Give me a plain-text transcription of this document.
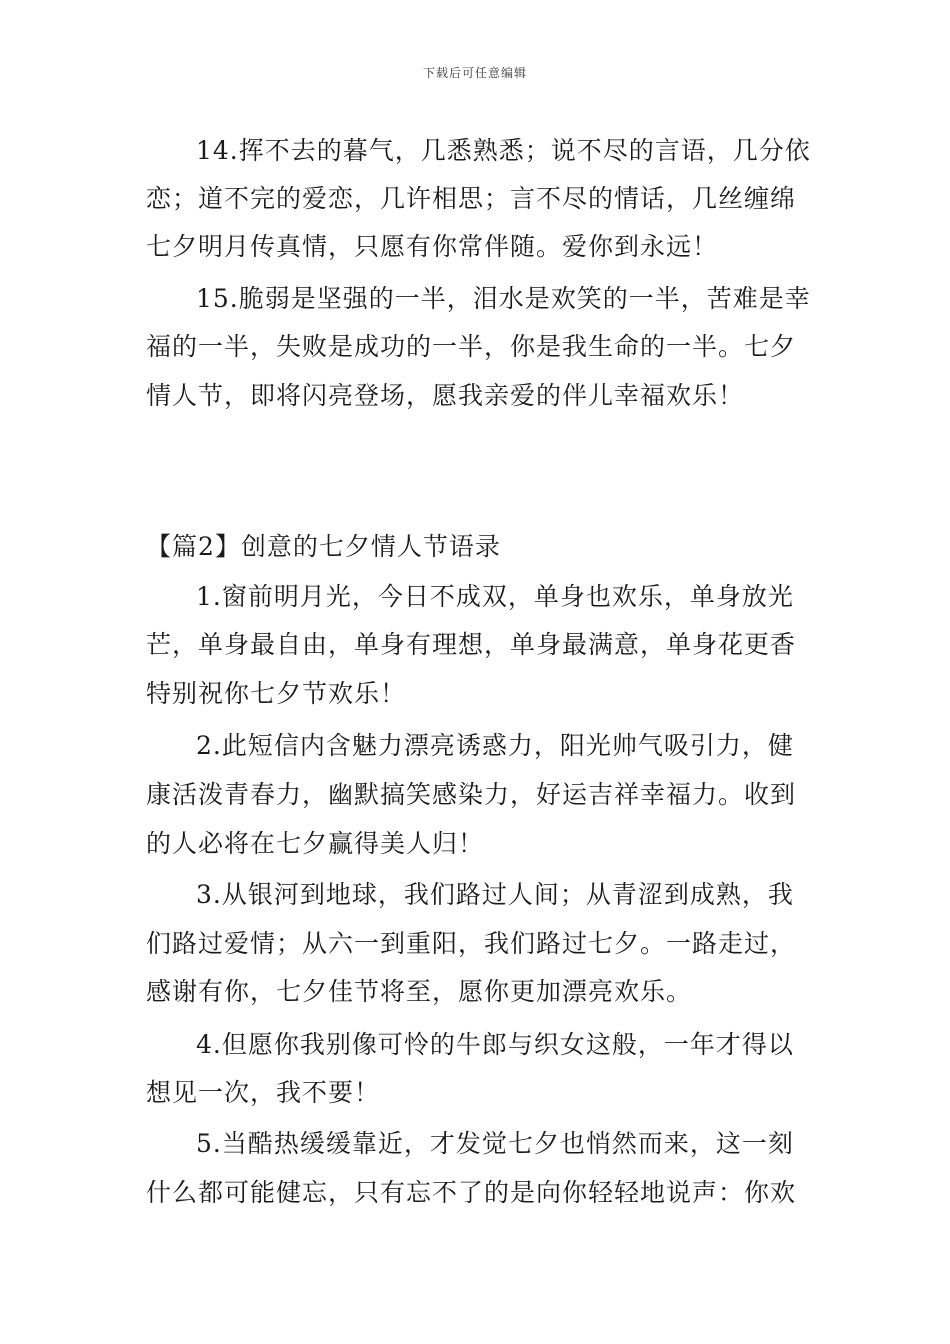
下载后可任意编辑
14.挥不去的暮气，几悉熟悉；说不尽的言语，几分依
恋；道不完的爱恋，几许相思；言不尽的情话，几丝缠绵
七夕明月传真情，只愿有你常伴随。爱你到永远！
15.脆弱是坚强的一半，泪水是欢笑的一半，苦难是幸
福的一半，失败是成功的一半，你是我生命的一半。七夕
情人节，即将闪亮登场，愿我亲爱的伴儿幸福欢乐！
【篇2】创意的七夕情人节语录
1.窗前明月光，今日不成双，单身也欢乐，单身放光
芒，单身最自由，单身有理想，单身最满意，单身花更香
特别祝你七夕节欢乐！
2.此短信内含魅力漂亮诱惑力，阳光帅气吸引力，健
康活泼青春力，幽默搞笑感染力，好运吉祥幸福力。收到
的人必将在七夕赢得美人归！
3.从银河到地球，我们路过人间；从青涩到成熟，我
们路过爱情；从六一到重阳，我们路过七夕。一路走过，
感谢有你，七夕佳节将至，愿你更加漂亮欢乐。
4.但愿你我别像可怜的牛郎与织女这般，一年才得以
想见一次，我不要！
5.当酷热缓缓靠近，才发觉七夕也悄然而来，这一刻
什么都可能健忘，只有忘不了的是向你轻轻地说声：你欢
